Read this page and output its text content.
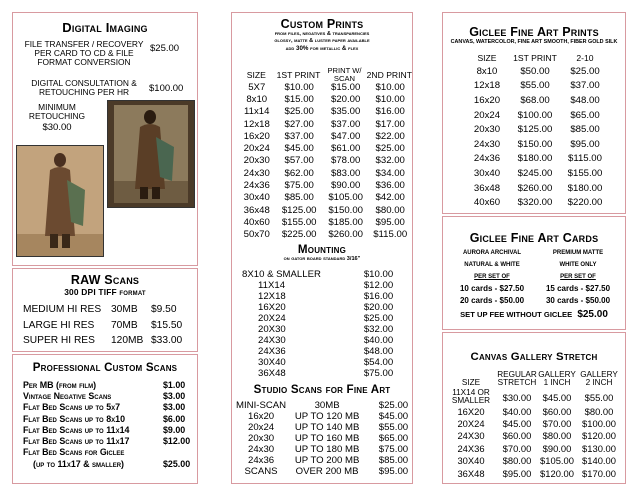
Digital Imaging
FILE TRANSFER / RECOVERY PER CARD TO CD & FILE FORMAT CONVERSION
$25.00
DIGITAL CONSULTATION & RETOUCHING PER HR	$100.00
MINIMUM RETOUCHING
$30.00
RAW Scans
300 DPI TIFF format
MEDIUM HI RES	30MB	$9.50
LARGE HI RES	70MB	$15.50
SUPER HI RES	120MB	$33.00
Professional Custom Scans
Per MB (from film)	$1.00
Vintage Negative Scans	$3.00
Flat Bed Scans up to 5x7	$3.00
Flat Bed Scans up to 8x10	$6.00
Flat Bed Scans up to 11x14	$9.00
Flat Bed Scans up to 11x17	$12.00
Flat Bed Scans for Giclee	
(up to 11x17 & smaller)	$25.00
Custom Prints
from files, negatives & transparencies
glossy, matte & luster paper available
add 30% for metallic & flex
SIZE	1ST PRINT	PRINT W/ SCAN	2ND PRINT
5X7	$10.00	$15.00	$10.00
8x10	$15.00	$20.00	$10.00
11x14	$25.00	$35.00	$16.00
12x18	$27.00	$37.00	$17.00
16x20	$37.00	$47.00	$22.00
20x24	$45.00	$61.00	$25.00
20x30	$57.00	$78.00	$32.00
24x30	$62.00	$83.00	$34.00
24x36	$75.00	$90.00	$36.00
30x40	$85.00	$105.00	$42.00
36x48	$125.00	$150.00	$80.00
40x60	$155.00	$185.00	$95.00
50x70	$225.00	$260.00	$115.00
Mounting
on gator board standard 3/16"
8X10 & SMALLER	$10.00
11X14	$12.00
12X18	$16.00
16X20	$20.00
20X24	$25.00
20X30	$32.00
24X30	$40.00
24X36	$48.00
30X40	$54.00
36X48	$75.00
Studio Scans for Fine Art
MINI-SCAN	30MB	$25.00
16x20	UP TO 120 MB	$45.00
20x24	UP TO 140 MB	$55.00
20x30	UP TO 160 MB	$65.00
24x30	UP TO 180 MB	$75.00
24x36	UP TO 200 MB	$85.00
SCANS	OVER 200 MB	$95.00
Giclee Fine Art Prints
CANVAS, WATERCOLOR, FINE ART SMOOTH, FIBER GOLD SILK
SIZE	1ST PRINT	2-10
8x10	$50.00	$25.00
12x18	$55.00	$37.00
16x20	$68.00	$48.00
20x24	$100.00	$65.00
20x30	$125.00	$85.00
24x30	$150.00	$95.00
24x36	$180.00	$115.00
30x40	$245.00	$155.00
36x48	$260.00	$180.00
40x60	$320.00	$220.00
Giclee Fine Art Cards
AURORA ARCHIVAL
NATURAL & WHITE
PER SET OF
10 cards - $27.50
20 cards - $50.00
PREMIUM MATTE
WHITE ONLY
PER SET OF
15 cards - $27.50
30 cards - $50.00
SET UP FEE WITHOUT GICLEE $25.00
Canvas Gallery Stretch
SIZE	REGULAR STRETCH	GALLERY 1 INCH	GALLERY 2 INCH
11X14 OR SMALLER	$30.00	$45.00	$55.00
16X20	$40.00	$60.00	$80.00
20X24	$45.00	$70.00	$100.00
24X30	$60.00	$80.00	$120.00
24X36	$70.00	$90.00	$130.00
30X40	$80.00	$105.00	$140.00
36X48	$95.00	$120.00	$170.00
